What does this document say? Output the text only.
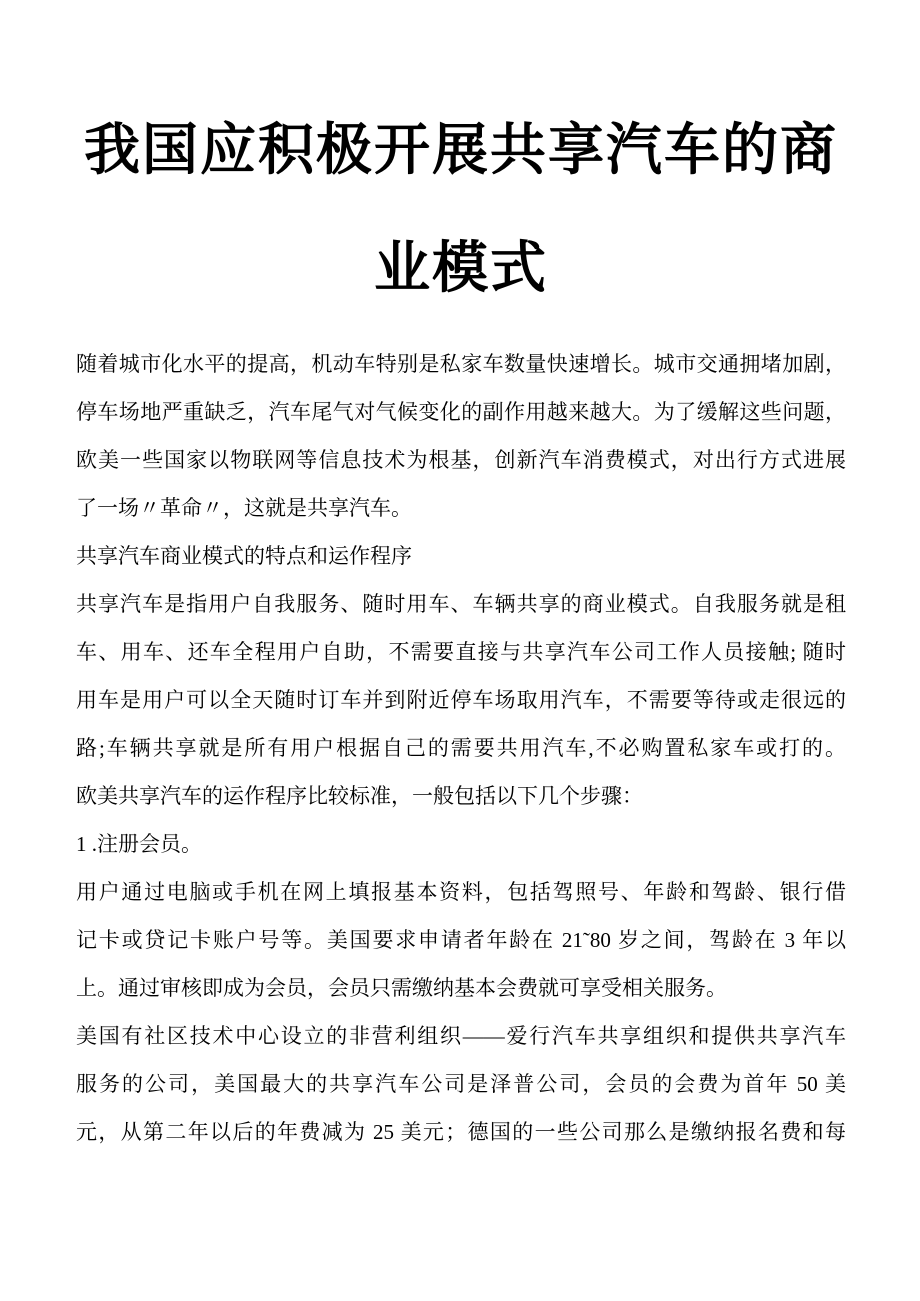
我国应积极开展共享汽车的商
业模式
随着城市化水平的提高，机动车特别是私家车数量快速增长。城市交通拥堵加剧，
停车场地严重缺乏，汽车尾气对气候变化的副作用越来越大。为了缓解这些问题，
欧美一些国家以物联网等信息技术为根基，创新汽车消费模式，对出行方式进展
了一场〃革命〃，这就是共享汽车。
共享汽车商业模式的特点和运作程序
共享汽车是指用户自我服务、随时用车、车辆共享的商业模式。自我服务就是租
车、用车、还车全程用户自助，不需要直接与共享汽车公司工作人员接触; 随时
用车是用户可以全天随时订车并到附近停车场取用汽车，不需要等待或走很远的
路;车辆共享就是所有用户根据自己的需要共用汽车,不必购置私家车或打的。
欧美共享汽车的运作程序比较标准，一般包括以下几个步骤：
1 .注册会员。
用户通过电脑或手机在网上填报基本资料，包括驾照号、年龄和驾龄、银行借
记卡或贷记卡账户号等。美国要求申请者年龄在 21˜80 岁之间，驾龄在 3 年以
上。通过审核即成为会员，会员只需缴纳基本会费就可享受相关服务。
美国有社区技术中心设立的非营利组织——爱行汽车共享组织和提供共享汽车
服务的公司，美国最大的共享汽车公司是泽普公司，会员的会费为首年 50 美
元，从第二年以后的年费减为 25 美元；德国的一些公司那么是缴纳报名费和每
